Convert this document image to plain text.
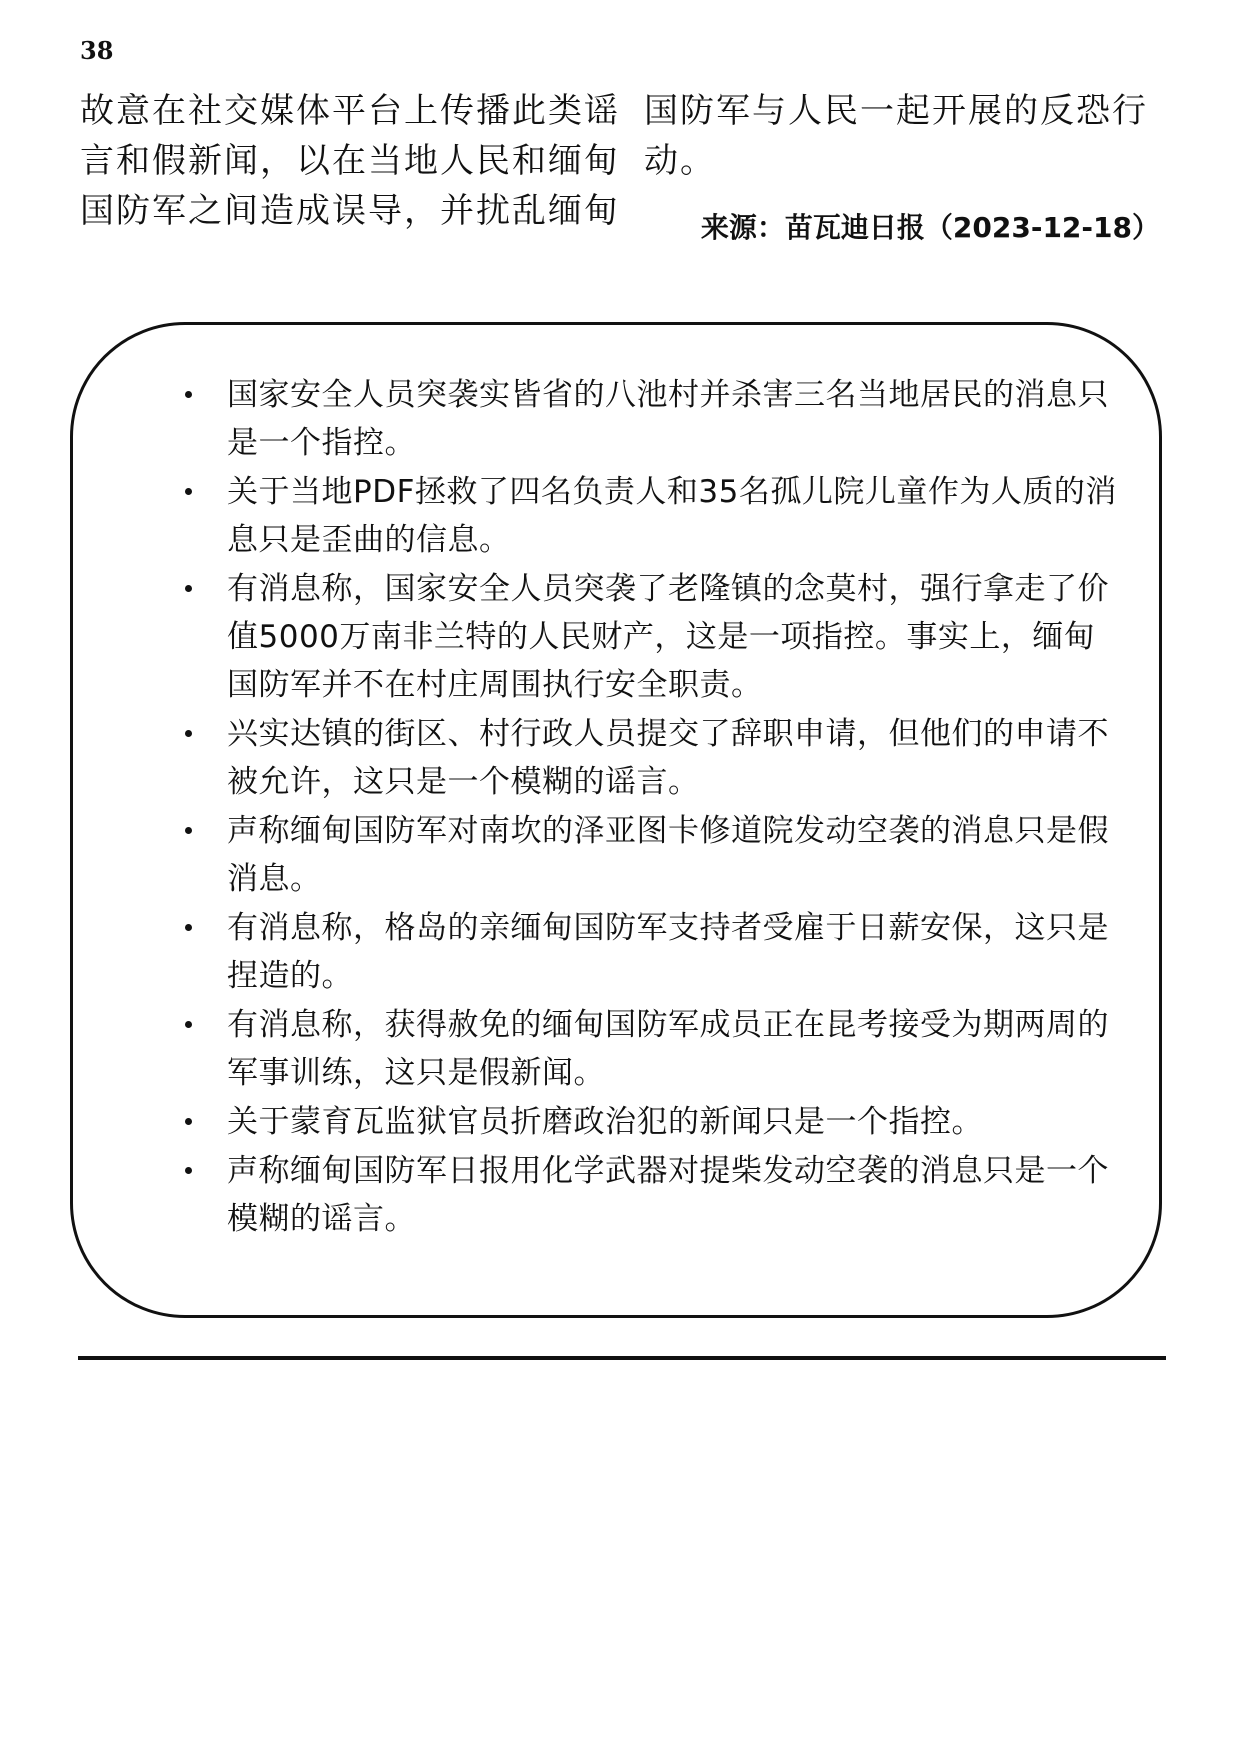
38

故意在社交媒体平台上传播此类谣言和假新闻，以在当地人民和缅甸国防军之间造成误导，并扰乱缅甸

国防军与人民一起开展的反恐行动。

来源：苗瓦迪日报（2023-12-18）
国家安全人员突袭实皆省的八池村并杀害三名当地居民的消息只是一个指控。
关于当地PDF拯救了四名负责人和35名孤儿院儿童作为人质的消息只是歪曲的信息。
有消息称，国家安全人员突袭了老隆镇的念莫村，强行拿走了价值5000万南非兰特的人民财产，这是一项指控。事实上，缅甸国防军并不在村庄周围执行安全职责。
兴实达镇的街区、村行政人员提交了辞职申请，但他们的申请不被允许，这只是一个模糊的谣言。
声称缅甸国防军对南坎的泽亚图卡修道院发动空袭的消息只是假消息。
有消息称，格岛的亲缅甸国防军支持者受雇于日薪安保，这只是捏造的。
有消息称，获得赦免的缅甸国防军成员正在昆考接受为期两周的军事训练，这只是假新闻。
关于蒙育瓦监狱官员折磨政治犯的新闻只是一个指控。
声称缅甸国防军日报用化学武器对提柴发动空袭的消息只是一个模糊的谣言。
